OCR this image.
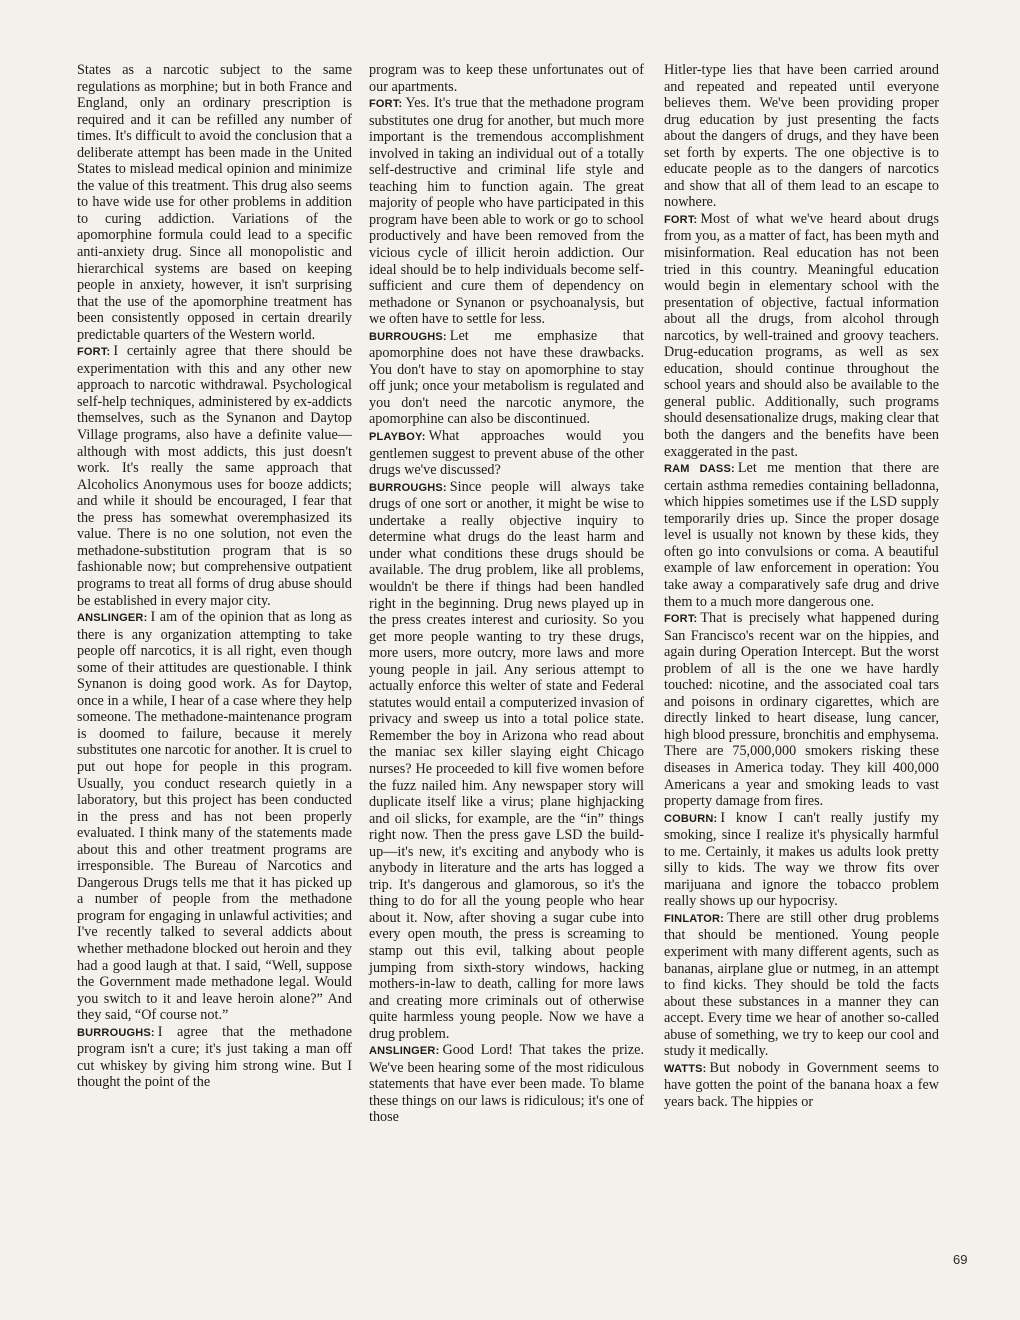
States as a narcotic subject to the same regulations as morphine; but in both France and England, only an ordinary prescription is required and it can be refilled any number of times. It's difficult to avoid the conclusion that a deliberate attempt has been made in the United States to mislead medical opinion and minimize the value of this treatment. This drug also seems to have wide use for other problems in addition to curing addiction. Variations of the apomorphine formula could lead to a specific anti-anxiety drug. Since all monopolistic and hierarchical systems are based on keeping people in anxiety, however, it isn't surprising that the use of the apomorphine treatment has been consistently opposed in certain drearily predictable quarters of the Western world.

FORT: I certainly agree that there should be experimentation with this and any other new approach to narcotic withdrawal. Psychological self-help techniques, administered by ex-addicts themselves, such as the Synanon and Daytop Village programs, also have a definite value—although with most addicts, this just doesn't work. It's really the same approach that Alcoholics Anonymous uses for booze addicts; and while it should be encouraged, I fear that the press has somewhat overemphasized its value. There is no one solution, not even the methadone-substitution program that is so fashionable now; but comprehensive outpatient programs to treat all forms of drug abuse should be established in every major city.

ANSLINGER: I am of the opinion that as long as there is any organization attempting to take people off narcotics, it is all right, even though some of their attitudes are questionable. I think Synanon is doing good work. As for Daytop, once in a while, I hear of a case where they help someone. The methadone-maintenance program is doomed to failure, because it merely substitutes one narcotic for another. It is cruel to put out hope for people in this program. Usually, you conduct research quietly in a laboratory, but this project has been conducted in the press and has not been properly evaluated. I think many of the statements made about this and other treatment programs are irresponsible. The Bureau of Narcotics and Dangerous Drugs tells me that it has picked up a number of people from the methadone program for engaging in unlawful activities; and I've recently talked to several addicts about whether methadone blocked out heroin and they had a good laugh at that. I said, “Well, suppose the Government made methadone legal. Would you switch to it and leave heroin alone?” And they said, “Of course not.”

BURROUGHS: I agree that the methadone program isn't a cure; it's just taking a man off cut whiskey by giving him strong wine. But I thought the point of the

program was to keep these unfortunates out of our apartments.

FORT: Yes. It's true that the methadone program substitutes one drug for another, but much more important is the tremendous accomplishment involved in taking an individual out of a totally self-destructive and criminal life style and teaching him to function again. The great majority of people who have participated in this program have been able to work or go to school productively and have been removed from the vicious cycle of illicit heroin addiction. Our ideal should be to help individuals become self-sufficient and cure them of dependency on methadone or Synanon or psychoanalysis, but we often have to settle for less.

BURROUGHS: Let me emphasize that apomorphine does not have these drawbacks. You don't have to stay on apomorphine to stay off junk; once your metabolism is regulated and you don't need the narcotic anymore, the apomorphine can also be discontinued.

PLAYBOY: What approaches would you gentlemen suggest to prevent abuse of the other drugs we've discussed?

BURROUGHS: Since people will always take drugs of one sort or another, it might be wise to undertake a really objective inquiry to determine what drugs do the least harm and under what conditions these drugs should be available. The drug problem, like all problems, wouldn't be there if things had been handled right in the beginning. Drug news played up in the press creates interest and curiosity. So you get more people wanting to try these drugs, more users, more outcry, more laws and more young people in jail. Any serious attempt to actually enforce this welter of state and Federal statutes would entail a computerized invasion of privacy and sweep us into a total police state. Remember the boy in Arizona who read about the maniac sex killer slaying eight Chicago nurses? He proceeded to kill five women before the fuzz nailed him. Any newspaper story will duplicate itself like a virus; plane highjacking and oil slicks, for example, are the “in” things right now. Then the press gave LSD the build-up—it's new, it's exciting and anybody who is anybody in literature and the arts has logged a trip. It's dangerous and glamorous, so it's the thing to do for all the young people who hear about it. Now, after shoving a sugar cube into every open mouth, the press is screaming to stamp out this evil, talking about people jumping from sixth-story windows, hacking mothers-in-law to death, calling for more laws and creating more criminals out of otherwise quite harmless young people. Now we have a drug problem.

ANSLINGER: Good Lord! That takes the prize. We've been hearing some of the most ridiculous statements that have ever been made. To blame these things on our laws is ridiculous; it's one of those

Hitler-type lies that have been carried around and repeated and repeated until everyone believes them. We've been providing proper drug education by just presenting the facts about the dangers of drugs, and they have been set forth by experts. The one objective is to educate people as to the dangers of narcotics and show that all of them lead to an escape to nowhere.

FORT: Most of what we've heard about drugs from you, as a matter of fact, has been myth and misinformation. Real education has not been tried in this country. Meaningful education would begin in elementary school with the presentation of objective, factual information about all the drugs, from alcohol through narcotics, by well-trained and groovy teachers. Drug-education programs, as well as sex education, should continue throughout the school years and should also be available to the general public. Additionally, such programs should desensationalize drugs, making clear that both the dangers and the benefits have been exaggerated in the past.

RAM DASS: Let me mention that there are certain asthma remedies containing belladonna, which hippies sometimes use if the LSD supply temporarily dries up. Since the proper dosage level is usually not known by these kids, they often go into convulsions or coma. A beautiful example of law enforcement in operation: You take away a comparatively safe drug and drive them to a much more dangerous one.

FORT: That is precisely what happened during San Francisco's recent war on the hippies, and again during Operation Intercept. But the worst problem of all is the one we have hardly touched: nicotine, and the associated coal tars and poisons in ordinary cigarettes, which are directly linked to heart disease, lung cancer, high blood pressure, bronchitis and emphysema. There are 75,000,000 smokers risking these diseases in America today. They kill 400,000 Americans a year and smoking leads to vast property damage from fires.

COBURN: I know I can't really justify my smoking, since I realize it's physically harmful to me. Certainly, it makes us adults look pretty silly to kids. The way we throw fits over marijuana and ignore the tobacco problem really shows up our hypocrisy.

FINLATOR: There are still other drug problems that should be mentioned. Young people experiment with many different agents, such as bananas, airplane glue or nutmeg, in an attempt to find kicks. They should be told the facts about these substances in a manner they can accept. Every time we hear of another so-called abuse of something, we try to keep our cool and study it medically.

WATTS: But nobody in Government seems to have gotten the point of the banana hoax a few years back. The hippies or

69
